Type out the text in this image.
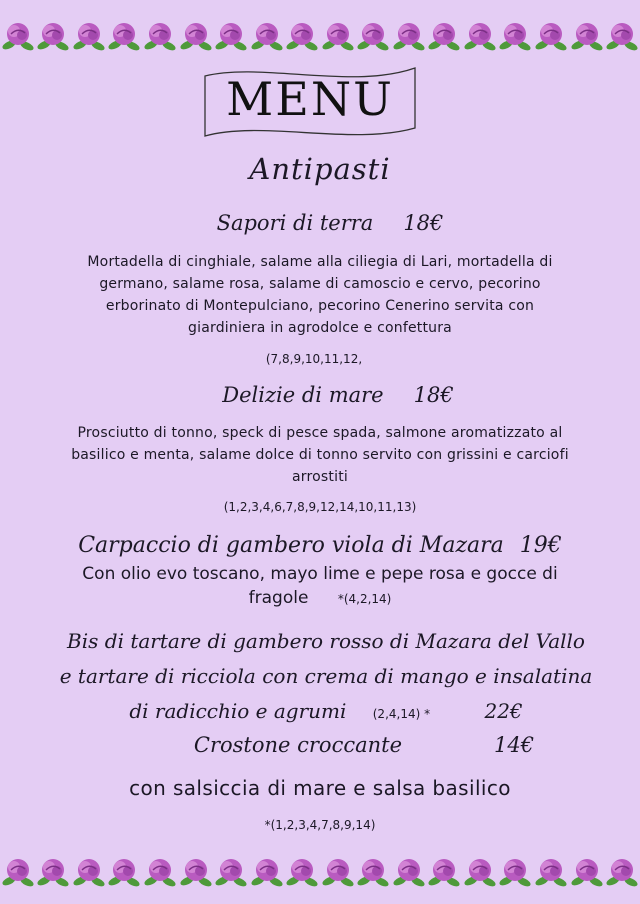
MENU
Antipasti
Sapori di terra 18€
Mortadella di cinghiale, salame alla ciliegia di Lari, mortadella di
germano, salame rosa, salame di camoscio e cervo, pecorino
erborinato di Montepulciano, pecorino Cenerino servita con
giardiniera in agrodolce e confettura
(7,8,9,10,11,12,
Delizie di mare 18€
Prosciutto di tonno, speck di pesce spada, salmone aromatizzato al
basilico e menta, salame dolce di tonno servito con grissini e carciofi
arrostiti
(1,2,3,4,6,7,8,9,12,14,10,11,13)
Carpaccio di gambero viola di Mazara 19€
Con olio evo toscano, mayo lime e pepe rosa e gocce di
fragole *(4,2,14)
Bis di tartare di gambero rosso di Mazara del Vallo
e tartare di ricciola con crema di mango e insalatina
di radicchio e agrumi (2,4,14) *	22€
Crostone croccante	14€
con salsiccia di mare e salsa basilico
*(1,2,3,4,7,8,9,14)
